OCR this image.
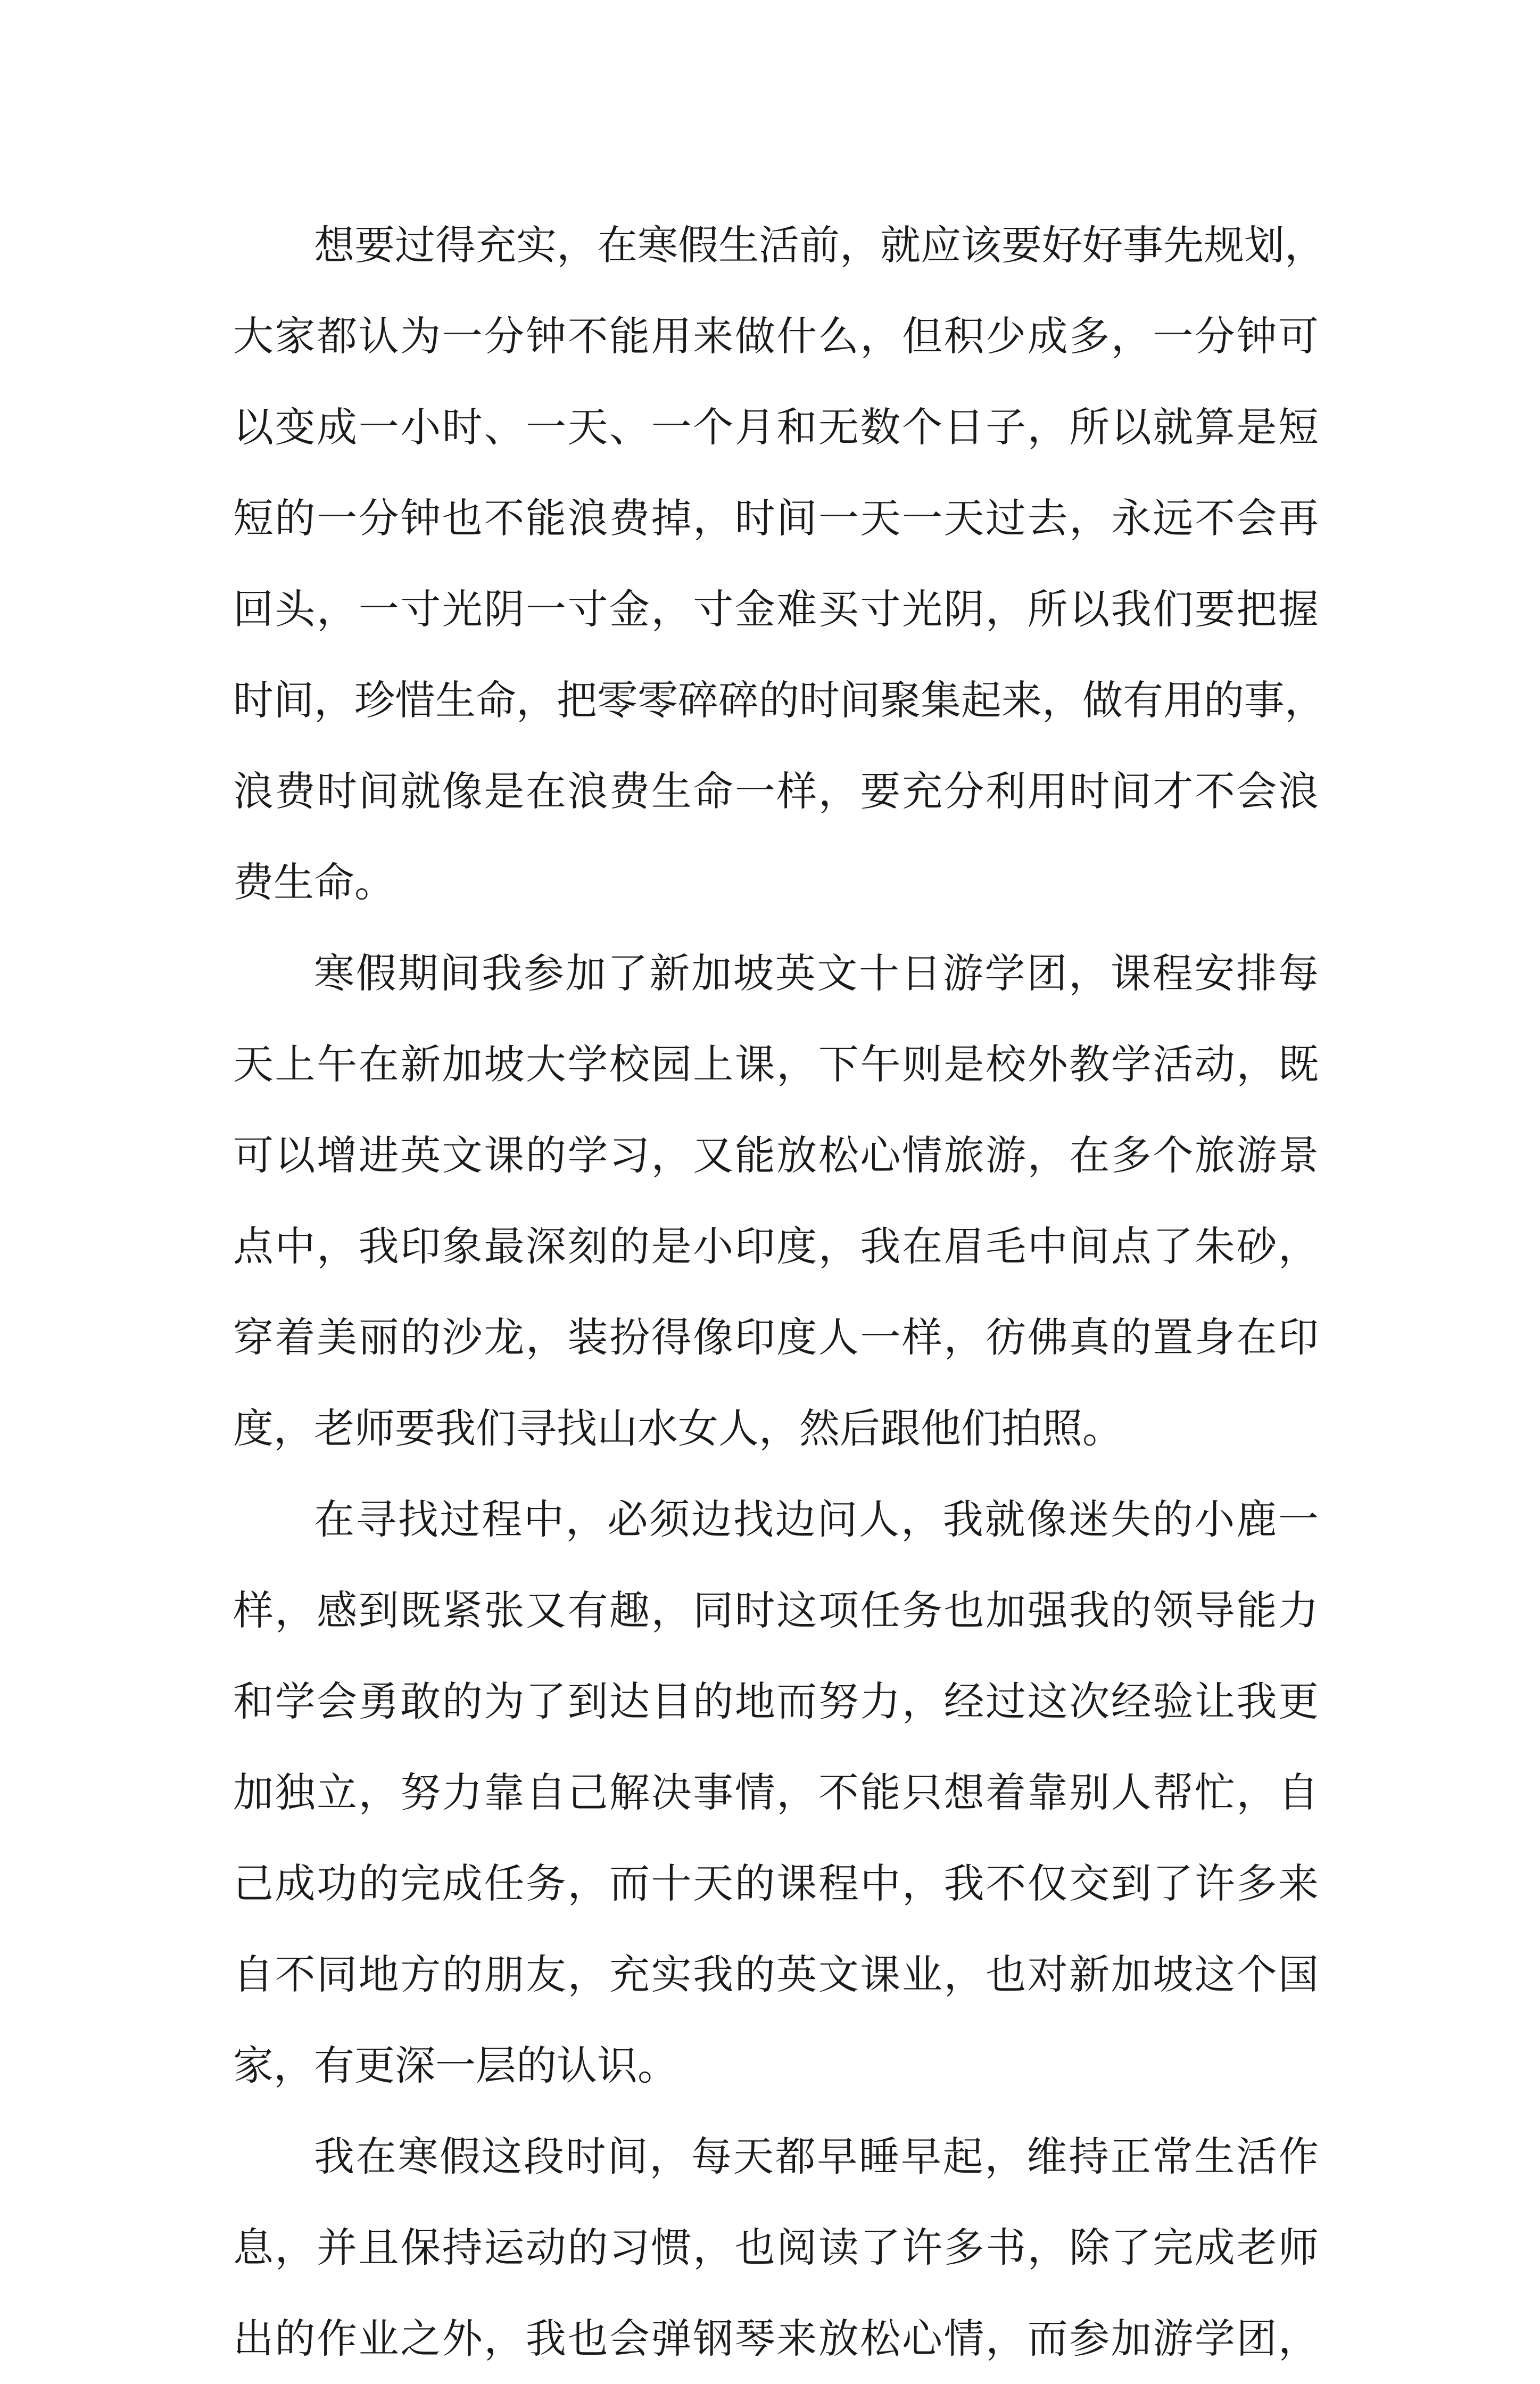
想要过得充实，在寒假生活前，就应该要好好事先规划，
大家都认为一分钟不能用来做什么，但积少成多，一分钟可
以变成一小时、一天、一个月和无数个日子，所以就算是短
短的一分钟也不能浪费掉，时间一天一天过去，永远不会再
回头，一寸光阴一寸金，寸金难买寸光阴，所以我们要把握
时间，珍惜生命，把零零碎碎的时间聚集起来，做有用的事，
浪费时间就像是在浪费生命一样，要充分利用时间才不会浪
费生命。
寒假期间我参加了新加坡英文十日游学团，课程安排每
天上午在新加坡大学校园上课，下午则是校外教学活动，既
可以增进英文课的学习，又能放松心情旅游，在多个旅游景
点中，我印象最深刻的是小印度，我在眉毛中间点了朱砂，
穿着美丽的沙龙，装扮得像印度人一样，彷佛真的置身在印
度，老师要我们寻找山水女人，然后跟他们拍照。
在寻找过程中，必须边找边问人，我就像迷失的小鹿一
样，感到既紧张又有趣，同时这项任务也加强我的领导能力
和学会勇敢的为了到达目的地而努力，经过这次经验让我更
加独立，努力靠自己解决事情，不能只想着靠别人帮忙，自
己成功的完成任务，而十天的课程中，我不仅交到了许多来
自不同地方的朋友，充实我的英文课业，也对新加坡这个国
家，有更深一层的认识。
我在寒假这段时间，每天都早睡早起，维持正常生活作
息，并且保持运动的习惯，也阅读了许多书，除了完成老师
出的作业之外，我也会弹钢琴来放松心情，而参加游学团，
